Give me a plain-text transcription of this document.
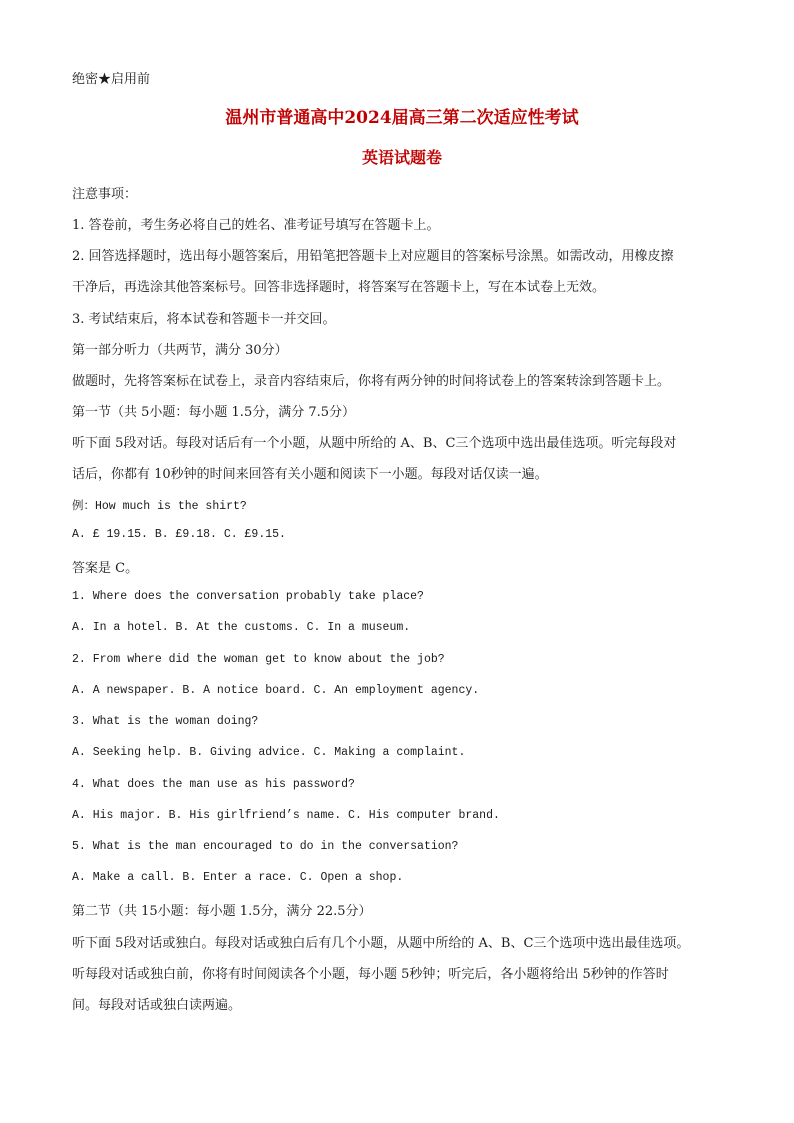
绝密★启用前
温州市普通高中2024届高三第二次适应性考试
英语试题卷
注意事项：
1. 答卷前，考生务必将自己的姓名、准考证号填写在答题卡上。
2. 回答选择题时，选出每小题答案后，用铅笔把答题卡上对应题目的答案标号涂黑。如需改动，用橡皮擦
干净后，再选涂其他答案标号。回答非选择题时，将答案写在答题卡上，写在本试卷上无效。
3. 考试结束后，将本试卷和答题卡一并交回。
第一部分听力（共两节，满分 30分）
做题时，先将答案标在试卷上，录音内容结束后，你将有两分钟的时间将试卷上的答案转涂到答题卡上。
第一节（共 5小题：每小题 1.5分，满分 7.5分）
听下面 5段对话。每段对话后有一个小题，从题中所给的 A、B、C三个选项中选出最佳选项。听完每段对
话后，你都有 10秒钟的时间来回答有关小题和阅读下一小题。每段对话仅读一遍。
例：How much is the shirt?
A. £ 19.15. B. £9.18. C. £9.15.
答案是 C。
1. Where does the conversation probably take place?
A. In a hotel. B. At the customs. C. In a museum.
2. From where did the woman get to know about the job?
A. A newspaper. B. A notice board. C. An employment agency.
3. What is the woman doing?
A. Seeking help. B. Giving advice. C. Making a complaint.
4. What does the man use as his password?
A. His major. B. His girlfriend’s name. C. His computer brand.
5. What is the man encouraged to do in the conversation?
A. Make a call. B. Enter a race. C. Open a shop.
第二节（共 15小题：每小题 1.5分，满分 22.5分）
听下面 5段对话或独白。每段对话或独白后有几个小题，从题中所给的 A、B、C三个选项中选出最佳选项。
听每段对话或独白前，你将有时间阅读各个小题，每小题 5秒钟；听完后，各小题将给出 5秒钟的作答时
间。每段对话或独白读两遍。
